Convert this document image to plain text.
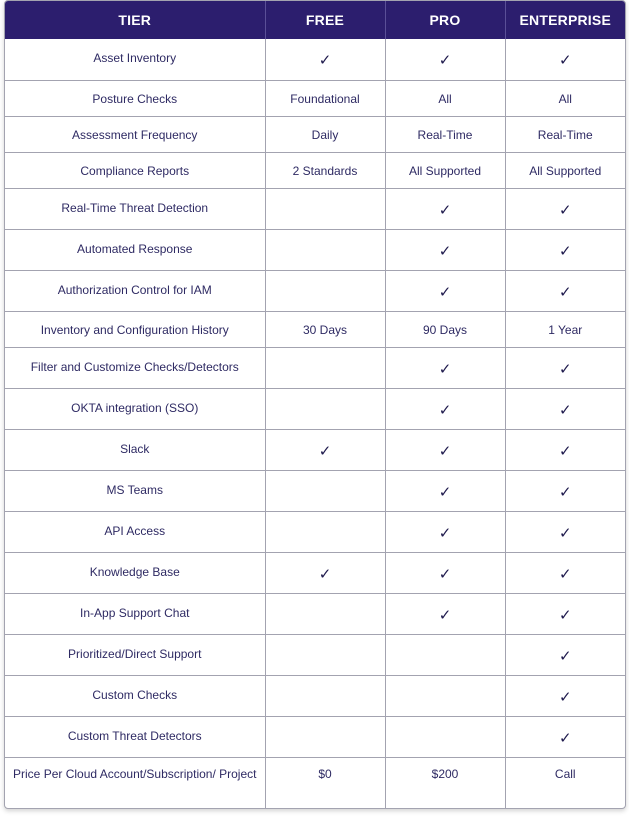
TIER	FREE	PRO	ENTERPRISE
Asset Inventory	✓	✓	✓
Posture Checks	Foundational	All	All
Assessment Frequency	Daily	Real-Time	Real-Time
Compliance Reports	2 Standards	All Supported	All Supported
Real-Time Threat Detection		✓	✓
Automated Response		✓	✓
Authorization Control for IAM		✓	✓
Inventory and Configuration History	30 Days	90 Days	1 Year
Filter and Customize Checks/Detectors		✓	✓
OKTA integration (SSO)		✓	✓
Slack	✓	✓	✓
MS Teams		✓	✓
API Access		✓	✓
Knowledge Base	✓	✓	✓
In-App Support Chat		✓	✓
Prioritized/Direct Support			✓
Custom Checks			✓
Custom Threat Detectors			✓
Price Per Cloud Account/Subscription/ Project	$0	$200	Call
